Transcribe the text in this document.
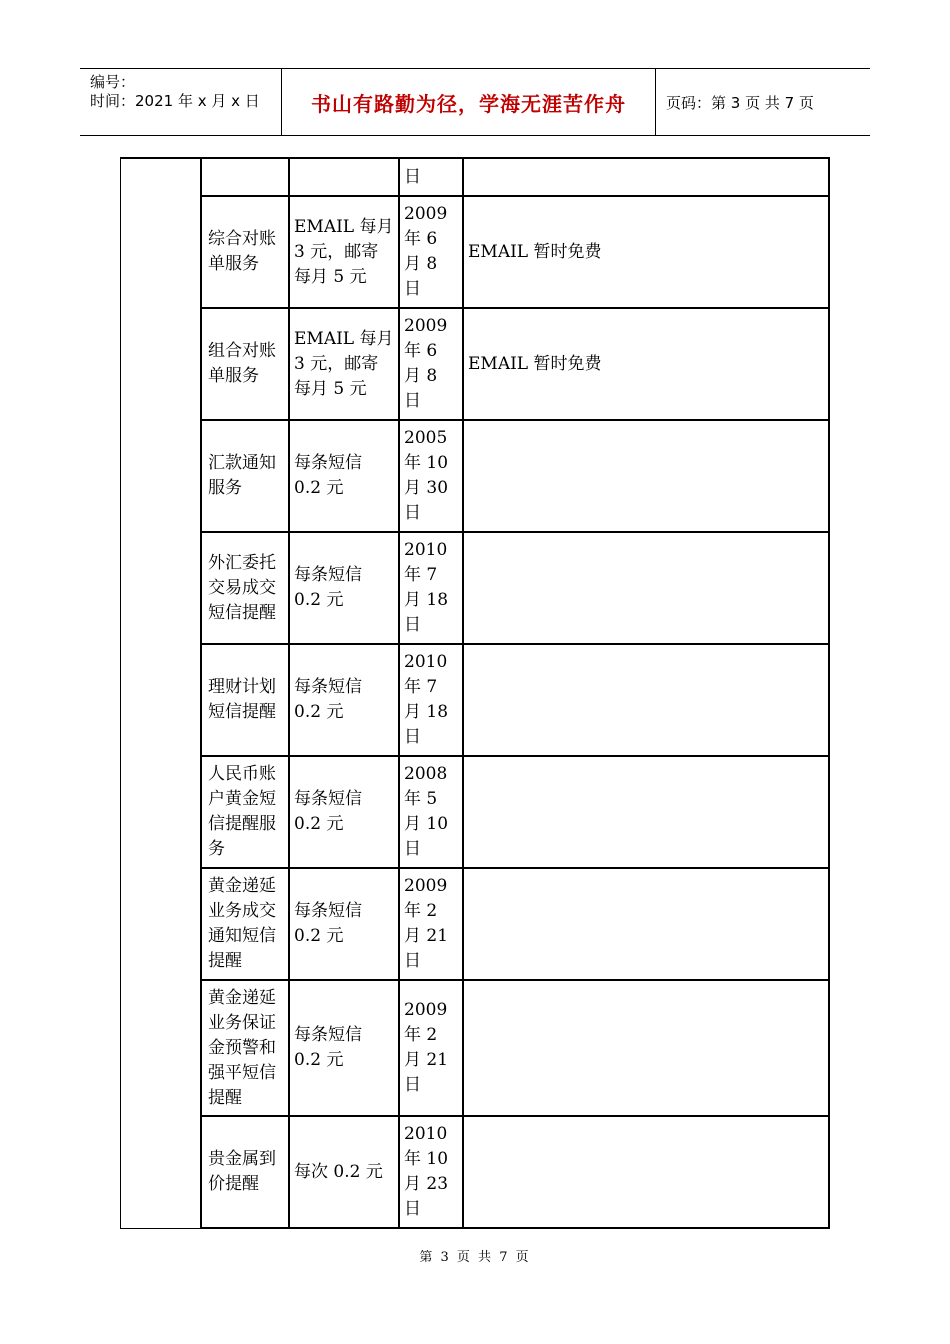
编号：
时间：2021 年 x 月 x 日	书山有路勤为径，学海无涯苦作舟	页码：第 3 页 共 7 页
			日	
	综合对账单服务	EMAIL 每月 3 元，邮寄每月 5 元	2009 年 6 月 8 日	EMAIL 暂时免费
	组合对账单服务	EMAIL 每月 3 元，邮寄每月 5 元	2009 年 6 月 8 日	EMAIL 暂时免费
	汇款通知服务	每条短信 0.2 元	2005 年 10 月 30 日	
	外汇委托交易成交短信提醒	每条短信 0.2 元	2010 年 7 月 18 日	
	理财计划短信提醒	每条短信 0.2 元	2010 年 7 月 18 日	
	人民币账户黄金短信提醒服务	每条短信 0.2 元	2008 年 5 月 10 日	
	黄金递延业务成交通知短信提醒	每条短信 0.2 元	2009 年 2 月 21 日	
	黄金递延业务保证金预警和强平短信提醒	每条短信 0.2 元	2009 年 2 月 21 日	
	贵金属到价提醒	每次 0.2 元	2010 年 10 月 23 日	
第 3 页 共 7 页
